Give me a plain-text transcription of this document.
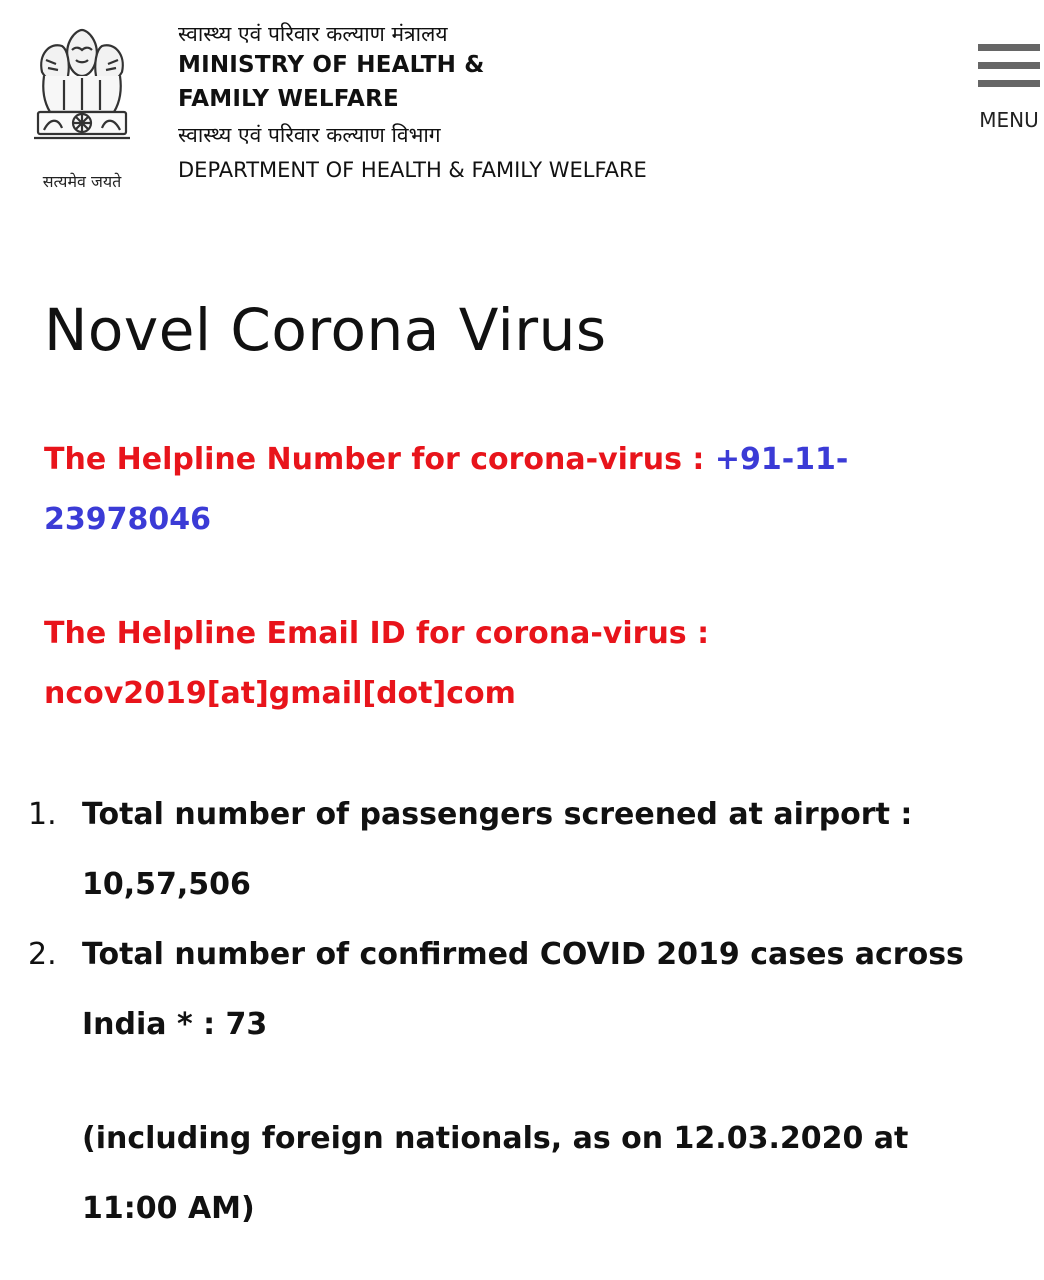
सत्यमेव जयते
स्वास्थ्य एवं परिवार कल्याण मंत्रालय
MINISTRY OF HEALTH &
FAMILY WELFARE
स्वास्थ्य एवं परिवार कल्याण विभाग
DEPARTMENT OF HEALTH & FAMILY WELFARE
MENU
Novel Corona Virus
The Helpline Number for corona-virus : +91-11-23978046
The Helpline Email ID for corona-virus :
ncov2019[at]gmail[dot]com
1. Total number of passengers screened at airport : 10,57,506
2. Total number of confirmed COVID 2019 cases across India * : 73
(including foreign nationals, as on 12.03.2020 at 11:00 AM)
